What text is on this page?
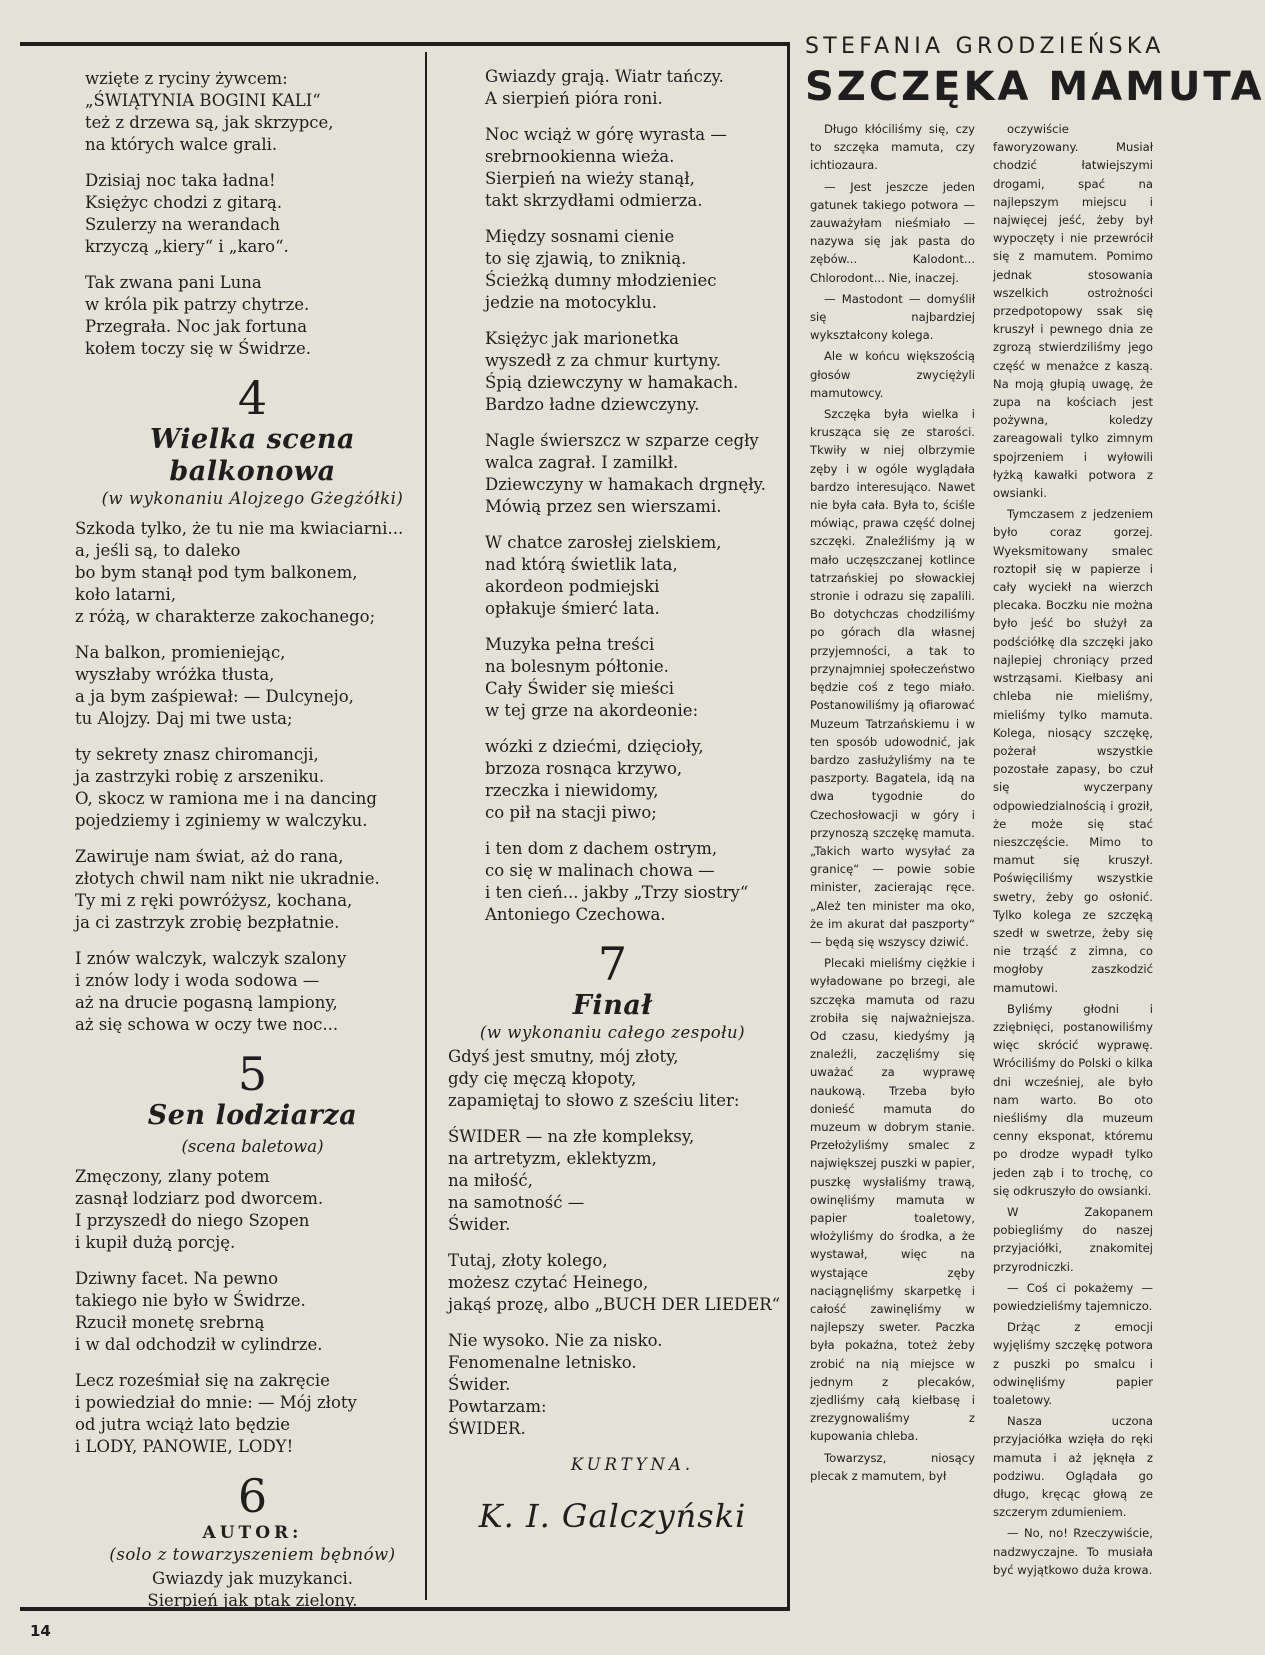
wzięte z ryciny żywcem:
„ŚWIĄTYNIA BOGINI KALI“
też z drzewa są, jak skrzypce,
na których walce grali.
Dzisiaj noc taka ładna!
Księżyc chodzi z gitarą.
Szulerzy na werandach
krzyczą „kiery“ i „karo“.
Tak zwana pani Luna
w króla pik patrzy chytrze.
Przegrała. Noc jak fortuna
kołem toczy się w Świdrze.
4
Wielka scena balkonowa
(w wykonaniu Alojzego Gżegżółki)
Szkoda tylko, że tu nie ma kwiaciarni...
a, jeśli są, to daleko
bo bym stanął pod tym balkonem,
koło latarni,
z różą, w charakterze zakochanego;
Na balkon, promieniejąc,
wyszłaby wróżka tłusta,
a ja bym zaśpiewał: — Dulcynejo,
tu Alojzy. Daj mi twe usta;
ty sekrety znasz chiromancji,
ja zastrzyki robię z arszeniku.
O, skocz w ramiona me i na dancing
pojedziemy i zginiemy w walczyku.
Zawiruje nam świat, aż do rana,
złotych chwil nam nikt nie ukradnie.
Ty mi z ręki powróżysz, kochana,
ja ci zastrzyk zrobię bezpłatnie.
I znów walczyk, walczyk szalony
i znów lody i woda sodowa —
aż na drucie pogasną lampiony,
aż się schowa w oczy twe noc...
5
Sen lodziarza
(scena baletowa)
Zmęczony, zlany potem
zasnął lodziarz pod dworcem.
I przyszedł do niego Szopen
i kupił dużą porcję.
Dziwny facet. Na pewno
takiego nie było w Świdrze.
Rzucił monetę srebrną
i w dal odchodził w cylindrze.
Lecz roześmiał się na zakręcie
i powiedział do mnie: — Mój złoty
od jutra wciąż lato będzie
i LODY, PANOWIE, LODY!
6
AUTOR:
(solo z towarzyszeniem bębnów)
Gwiazdy jak muzykanci.
Sierpień jak ptak zielony.
Gwiazdy grają. Wiatr tańczy.
A sierpień pióra roni.
Noc wciąż w górę wyrasta —
srebrnookienna wieża.
Sierpień na wieży stanął,
takt skrzydłami odmierza.
Między sosnami cienie
to się zjawią, to zniknią.
Ścieżką dumny młodzieniec
jedzie na motocyklu.
Księżyc jak marionetka
wyszedł z za chmur kurtyny.
Śpią dziewczyny w hamakach.
Bardzo ładne dziewczyny.
Nagle świerszcz w szparze cegły
walca zagrał. I zamilkł.
Dziewczyny w hamakach drgnęły.
Mówią przez sen wierszami.
W chatce zarosłej zielskiem,
nad którą świetlik lata,
akordeon podmiejski
opłakuje śmierć lata.
Muzyka pełna treści
na bolesnym półtonie.
Cały Świder się mieści
w tej grze na akordeonie:
wózki z dziećmi, dzięcioły,
brzoza rosnąca krzywo,
rzeczka i niewidomy,
co pił na stacji piwo;
i ten dom z dachem ostrym,
co się w malinach chowa —
i ten cień... jakby „Trzy siostry“
Antoniego Czechowa.
7
Finał
(w wykonaniu całego zespołu)
Gdyś jest smutny, mój złoty,
gdy cię męczą kłopoty,
zapamiętaj to słowo z sześciu liter:
ŚWIDER — na złe kompleksy,
na artretyzm, eklektyzm,
na miłość,
na samotność —
Świder.
Tutaj, złoty kolego,
możesz czytać Heinego,
jakąś prozę, albo „BUCH DER LIEDER“
Nie wysoko. Nie za nisko.
Fenomenalne letnisko.
Świder.
Powtarzam:
ŚWIDER.
KURTYNA.
K. I. Galczyński
STEFANIA GRODZIEŃSKA
SZCZĘKA MAMUTA

Długo kłóciliśmy się, czy to szczęka mamuta, czy ichtiozaura.

— Jest jeszcze jeden gatunek takiego potwora — zauważyłam nieśmiało — nazywa się jak pasta do zębów... Kalodont... Chlorodont... Nie, inaczej.

— Mastodont — domyślił się najbardziej wykształcony kolega.

Ale w końcu większością głosów zwyciężyli mamutowcy.

Szczęka była wielka i krusząca się ze starości. Tkwiły w niej olbrzymie zęby i w ogóle wyglądała bardzo interesująco. Nawet nie była cała. Była to, ściśle mówiąc, prawa część dolnej szczęki. Znaleźliśmy ją w mało uczęszczanej kotlince tatrzańskiej po słowackiej stronie i odrazu się zapalili. Bo dotychczas chodziliśmy po górach dla własnej przyjemności, a tak to przynajmniej społeczeństwo będzie coś z tego miało. Postanowiliśmy ją ofiarować Muzeum Tatrzańskiemu i w ten sposób udowodnić, jak bardzo zasłużyliśmy na te paszporty. Bagatela, idą na dwa tygodnie do Czechosłowacji w góry i przynoszą szczękę mamuta. „Takich warto wysyłać za granicę“ — powie sobie minister, zacierając ręce. „Ależ ten minister ma oko, że im akurat dał paszporty“ — będą się wszyscy dziwić.

Plecaki mieliśmy ciężkie i wyładowane po brzegi, ale szczęka mamuta od razu zrobiła się najważniejsza. Od czasu, kiedyśmy ją znaleźli, zaczęliśmy się uważać za wyprawę naukową. Trzeba było donieść mamuta do muzeum w dobrym stanie. Przełożyliśmy smalec z największej puszki w papier, puszkę wysłaliśmy trawą, owinęliśmy mamuta w papier toaletowy, włożyliśmy do środka, a że wystawał, więc na wystające zęby naciągnęliśmy skarpetkę i całość zawinęliśmy w najlepszy sweter. Paczka była pokaźna, toteż żeby zrobić na nią miejsce w jednym z plecaków, zjedliśmy całą kiełbasę i zrezygnowaliśmy z kupowania chleba.

Towarzysz, niosący plecak z mamutem, był

oczywiście faworyzowany. Musiał chodzić łatwiejszymi drogami, spać na najlepszym miejscu i najwięcej jeść, żeby był wypoczęty i nie przewrócił się z mamutem. Pomimo jednak stosowania wszelkich ostrożności przedpotopowy ssak się kruszył i pewnego dnia ze zgrozą stwierdziliśmy jego część w menażce z kaszą. Na moją głupią uwagę, że zupa na kościach jest pożywna, koledzy zareagowali tylko zimnym spojrzeniem i wyłowili łyżką kawałki potwora z owsianki.

Tymczasem z jedzeniem było coraz gorzej. Wyeksmitowany smalec roztopił się w papierze i cały wyciekł na wierzch plecaka. Boczku nie można było jeść bo służył za podściółkę dla szczęki jako najlepiej chroniący przed wstrząsami. Kiełbasy ani chleba nie mieliśmy, mieliśmy tylko mamuta. Kolega, niosący szczękę, pożerał wszystkie pozostałe zapasy, bo czuł się wyczerpany odpowiedzialnością i groził, że może się stać nieszczęście. Mimo to mamut się kruszył. Poświęciliśmy wszystkie swetry, żeby go osłonić. Tylko kolega ze szczęką szedł w swetrze, żeby się nie trząść z zimna, co mogłoby zaszkodzić mamutowi.

Byliśmy głodni i zziębnięci, postanowiliśmy więc skrócić wyprawę. Wróciliśmy do Polski o kilka dni wcześniej, ale było nam warto. Bo oto nieśliśmy dla muzeum cenny eksponat, któremu po drodze wypadł tylko jeden ząb i to trochę, co się odkruszyło do owsianki.

W Zakopanem pobiegliśmy do naszej przyjaciółki, znakomitej przyrodniczki.

— Coś ci pokażemy — powiedzieliśmy tajemniczo.

Drżąc z emocji wyjęliśmy szczękę potwora z puszki po smalcu i odwinęliśmy papier toaletowy.

Nasza uczona przyjaciółka wzięła do ręki mamuta i aż jęknęła z podziwu. Oglądała go długo, kręcąc głową ze szczerym zdumieniem.

— No, no! Rzeczywiście, nadzwyczajne. To musiała być wyjątkowo duża krowa.

14
